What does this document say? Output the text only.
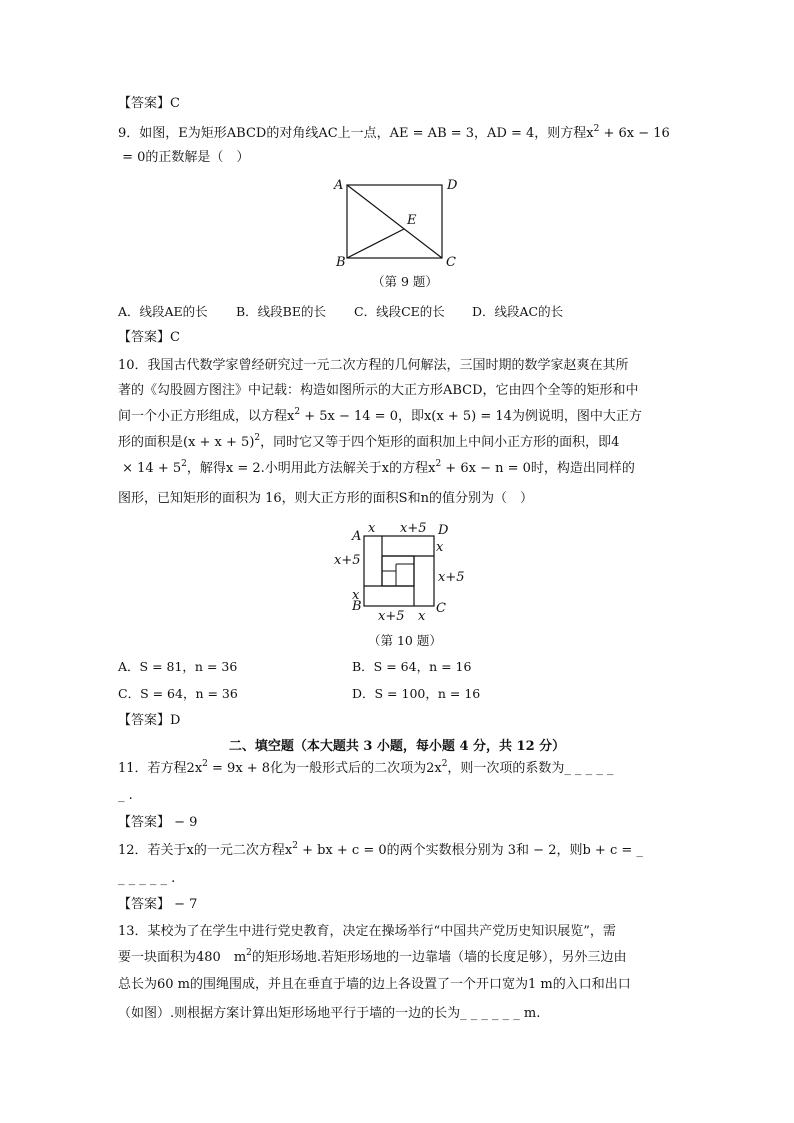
【答案】C
9．如图，E为矩形ABCD的对角线AC上一点，AE = AB = 3，AD = 4，则方程$x^2 + 6x - 16$
= 0的正数解是（　）
A	D
E
B	C
（第 9 题）
A．线段AE的长 B．线段BE的长 C．线段CE的长 D．线段AC的长
【答案】C
10．我国古代数学家曾经研究过一元二次方程的几何解法，三国时期的数学家赵爽在其所
著的《勾股圆方图注》中记载：构造如图所示的大正方形ABCD，它由四个全等的矩形和中
间一个小正方形组成，以方程$x^2 + 5x - 14 = 0$，即x(x + 5) = 14为例说明，图中大正方
形的面积是$(x + x + 5)^2$，同时它又等于四个矩形的面积加上中间小正方形的面积，即4
× $14 + 5^2$，解得x = 2.小明用此方法解关于x的方程$x^2 + 6x - n = 0$时，构造出同样的
图形，已知矩形的面积为 16，则大正方形的面积S和n的值分别为（　）
A	D
B	C
x x+5
x
x+5
x+5
x
x+5 x
（第 10 题）
A．S = 81，n = 36	B．S = 64，n = 16
C．S = 64，n = 36	D．S = 100，n = 16
【答案】D
二、填空题（本大题共 3 小题，每小题 4 分，共 12 分）
11．若方程$2x^2 = 9x + 8$化为一般形式后的二次项为$2x^2$，则一次项的系数为_ _ _ _ _
_ .
【答案】 − 9
12．若关于x的一元二次方程$x^2$ + bx + c = 0的两个实数根分别为 3和 − 2，则b + c = _
_ _ _ _ _ .
【答案】 − 7
13．某校为了在学生中进行党史教育，决定在操场举行“中国共产党历史知识展览”，需
要一块面积为480　$m^2$的矩形场地.若矩形场地的一边靠墙（墙的长度足够），另外三边由
总长为60 m的围绳围成，并且在垂直于墙的边上各设置了一个开口宽为1 m的入口和出口
（如图）.则根据方案计算出矩形场地平行于墙的一边的长为_ _ _ _ _ _ m.
